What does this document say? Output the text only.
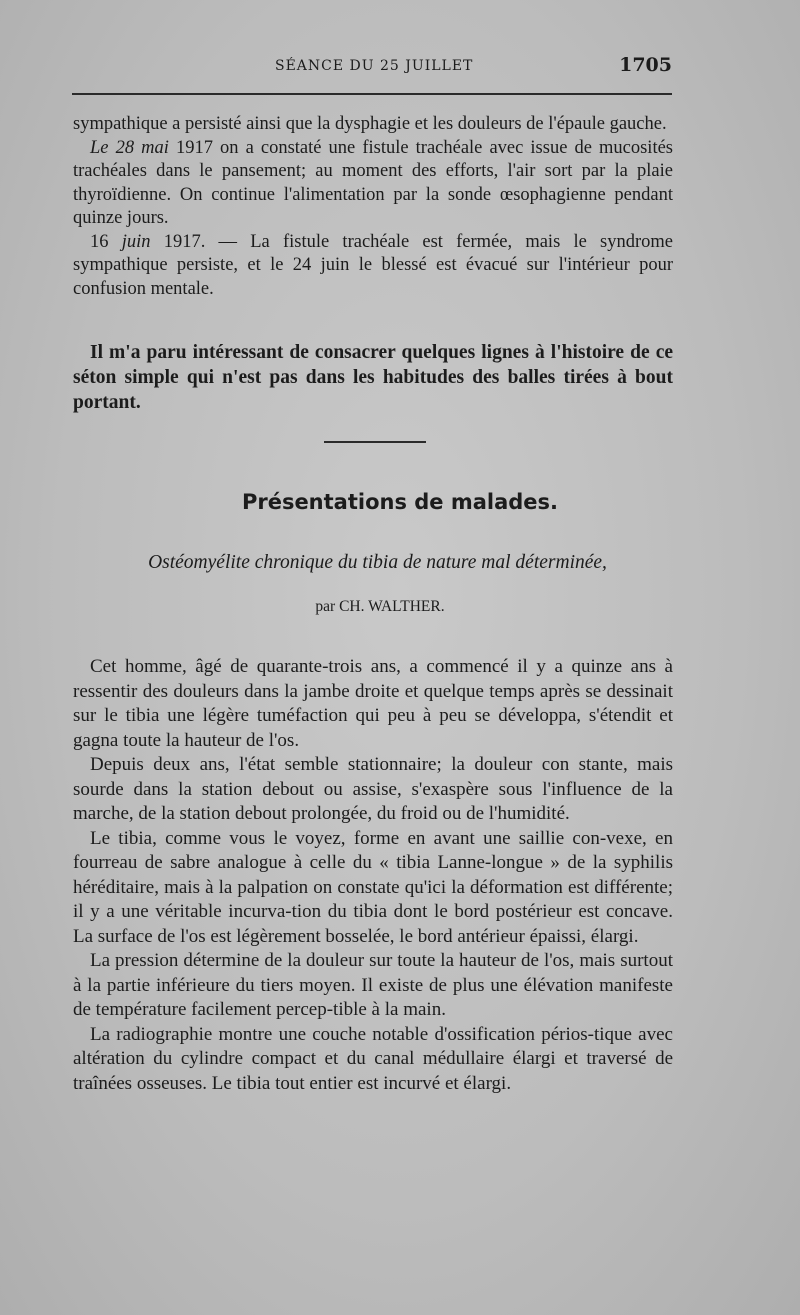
SÉANCE DU 25 JUILLET	1705

sympathique a persisté ainsi que la dysphagie et les douleurs de l'épaule gauche.

Le 28 mai 1917 on a constaté une fistule trachéale avec issue de mucosités trachéales dans le pansement; au moment des efforts, l'air sort par la plaie thyroïdienne. On continue l'alimentation par la sonde œsophagienne pendant quinze jours.

16 juin 1917. — La fistule trachéale est fermée, mais le syndrome sympathique persiste, et le 24 juin le blessé est évacué sur l'intérieur pour confusion mentale.

Il m'a paru intéressant de consacrer quelques lignes à l'histoire de ce séton simple qui n'est pas dans les habitudes des balles tirées à bout portant.
Présentations de malades.
Ostéomyélite chronique du tibia de nature mal déterminée,
par CH. WALTHER.

Cet homme, âgé de quarante-trois ans, a commencé il y a quinze ans à ressentir des douleurs dans la jambe droite et quelque temps après se dessinait sur le tibia une légère tuméfaction qui peu à peu se développa, s'étendit et gagna toute la hauteur de l'os.

Depuis deux ans, l'état semble stationnaire; la douleur con stante, mais sourde dans la station debout ou assise, s'exaspère sous l'influence de la marche, de la station debout prolongée, du froid ou de l'humidité.

Le tibia, comme vous le voyez, forme en avant une saillie con-vexe, en fourreau de sabre analogue à celle du « tibia Lanne-longue » de la syphilis héréditaire, mais à la palpation on constate qu'ici la déformation est différente; il y a une véritable incurva-tion du tibia dont le bord postérieur est concave. La surface de l'os est légèrement bosselée, le bord antérieur épaissi, élargi.

La pression détermine de la douleur sur toute la hauteur de l'os, mais surtout à la partie inférieure du tiers moyen. Il existe de plus une élévation manifeste de température facilement percep-tible à la main.

La radiographie montre une couche notable d'ossification périos-tique avec altération du cylindre compact et du canal médullaire élargi et traversé de traînées osseuses. Le tibia tout entier est incurvé et élargi.
